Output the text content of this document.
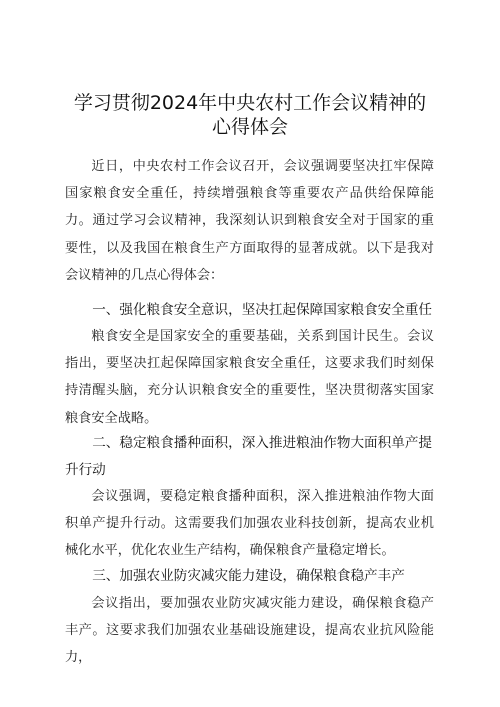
学习贯彻2024年中央农村工作会议精神的
心得体会

近日，中央农村工作会议召开，会议强调要坚决扛牢保障国家粮食安全重任，持续增强粮食等重要农产品供给保障能力。通过学习会议精神，我深刻认识到粮食安全对于国家的重要性，以及我国在粮食生产方面取得的显著成就。以下是我对会议精神的几点心得体会：

一、强化粮食安全意识，坚决扛起保障国家粮食安全重任

粮食安全是国家安全的重要基础，关系到国计民生。会议指出，要坚决扛起保障国家粮食安全重任，这要求我们时刻保持清醒头脑，充分认识粮食安全的重要性，坚决贯彻落实国家粮食安全战略。

二、稳定粮食播种面积，深入推进粮油作物大面积单产提升行动

会议强调，要稳定粮食播种面积，深入推进粮油作物大面积单产提升行动。这需要我们加强农业科技创新，提高农业机械化水平，优化农业生产结构，确保粮食产量稳定增长。

三、加强农业防灾减灾能力建设，确保粮食稳产丰产

会议指出，要加强农业防灾减灾能力建设，确保粮食稳产丰产。这要求我们加强农业基础设施建设，提高农业抗风险能力，
